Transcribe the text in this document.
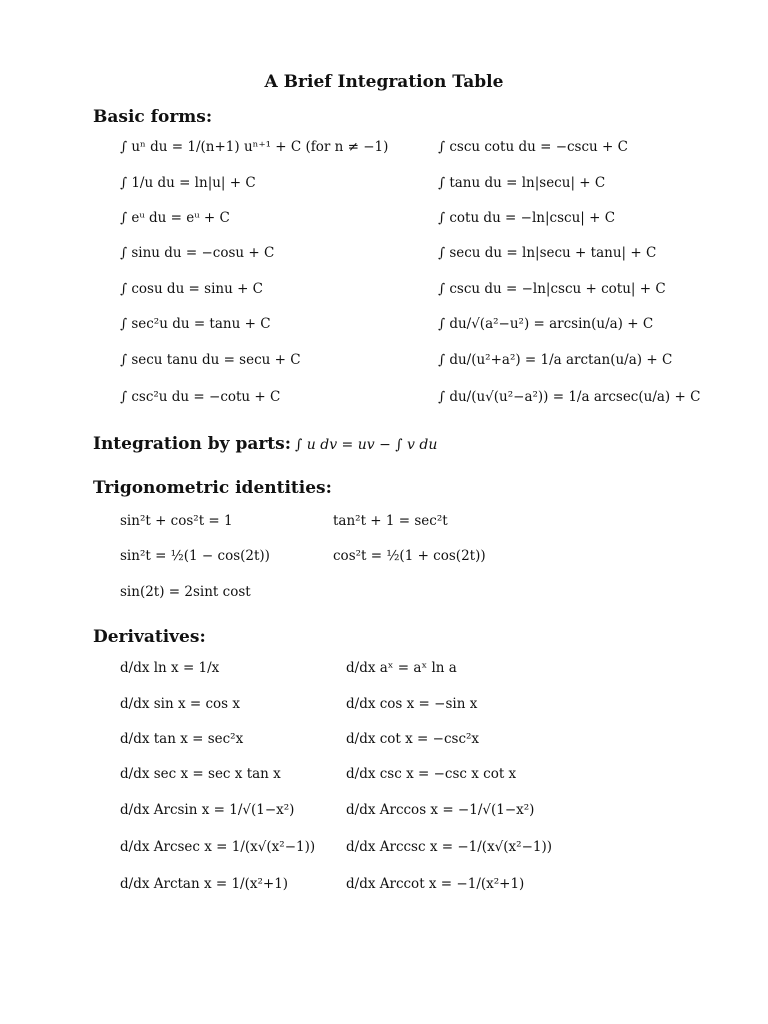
A Brief Integration Table
Basic forms:
∫ uⁿ du = 1/(n+1) uⁿ⁺¹ + C (for n ≠ −1)
∫ 1/u du = ln|u| + C
∫ eᵘ du = eᵘ + C
∫ sinu du = −cosu + C
∫ cosu du = sinu + C
∫ sec²u du = tanu + C
∫ secu tanu du = secu + C
∫ csc²u du = −cotu + C
∫ cscu cotu du = −cscu + C
∫ tanu du = ln|secu| + C
∫ cotu du = −ln|cscu| + C
∫ secu du = ln|secu + tanu| + C
∫ cscu du = −ln|cscu + cotu| + C
∫ du/√(a²−u²) = arcsin(u/a) + C
∫ du/(u²+a²) = 1/a arctan(u/a) + C
∫ du/(u√(u²−a²)) = 1/a arcsec(u/a) + C
Integration by parts: ∫ u dv = uv − ∫ v du
Trigonometric identities:
sin²t + cos²t = 1
sin²t = ½(1 − cos(2t))
sin(2t) = 2sint cost
tan²t + 1 = sec²t
cos²t = ½(1 + cos(2t))
Derivatives:
d/dx ln x = 1/x
d/dx sin x = cos x
d/dx tan x = sec²x
d/dx sec x = sec x tan x
d/dx Arcsin x = 1/√(1−x²)
d/dx Arcsec x = 1/(x√(x²−1))
d/dx Arctan x = 1/(x²+1)
d/dx aˣ = aˣ ln a
d/dx cos x = −sin x
d/dx cot x = −csc²x
d/dx csc x = −csc x cot x
d/dx Arccos x = −1/√(1−x²)
d/dx Arccsc x = −1/(x√(x²−1))
d/dx Arccot x = −1/(x²+1)
